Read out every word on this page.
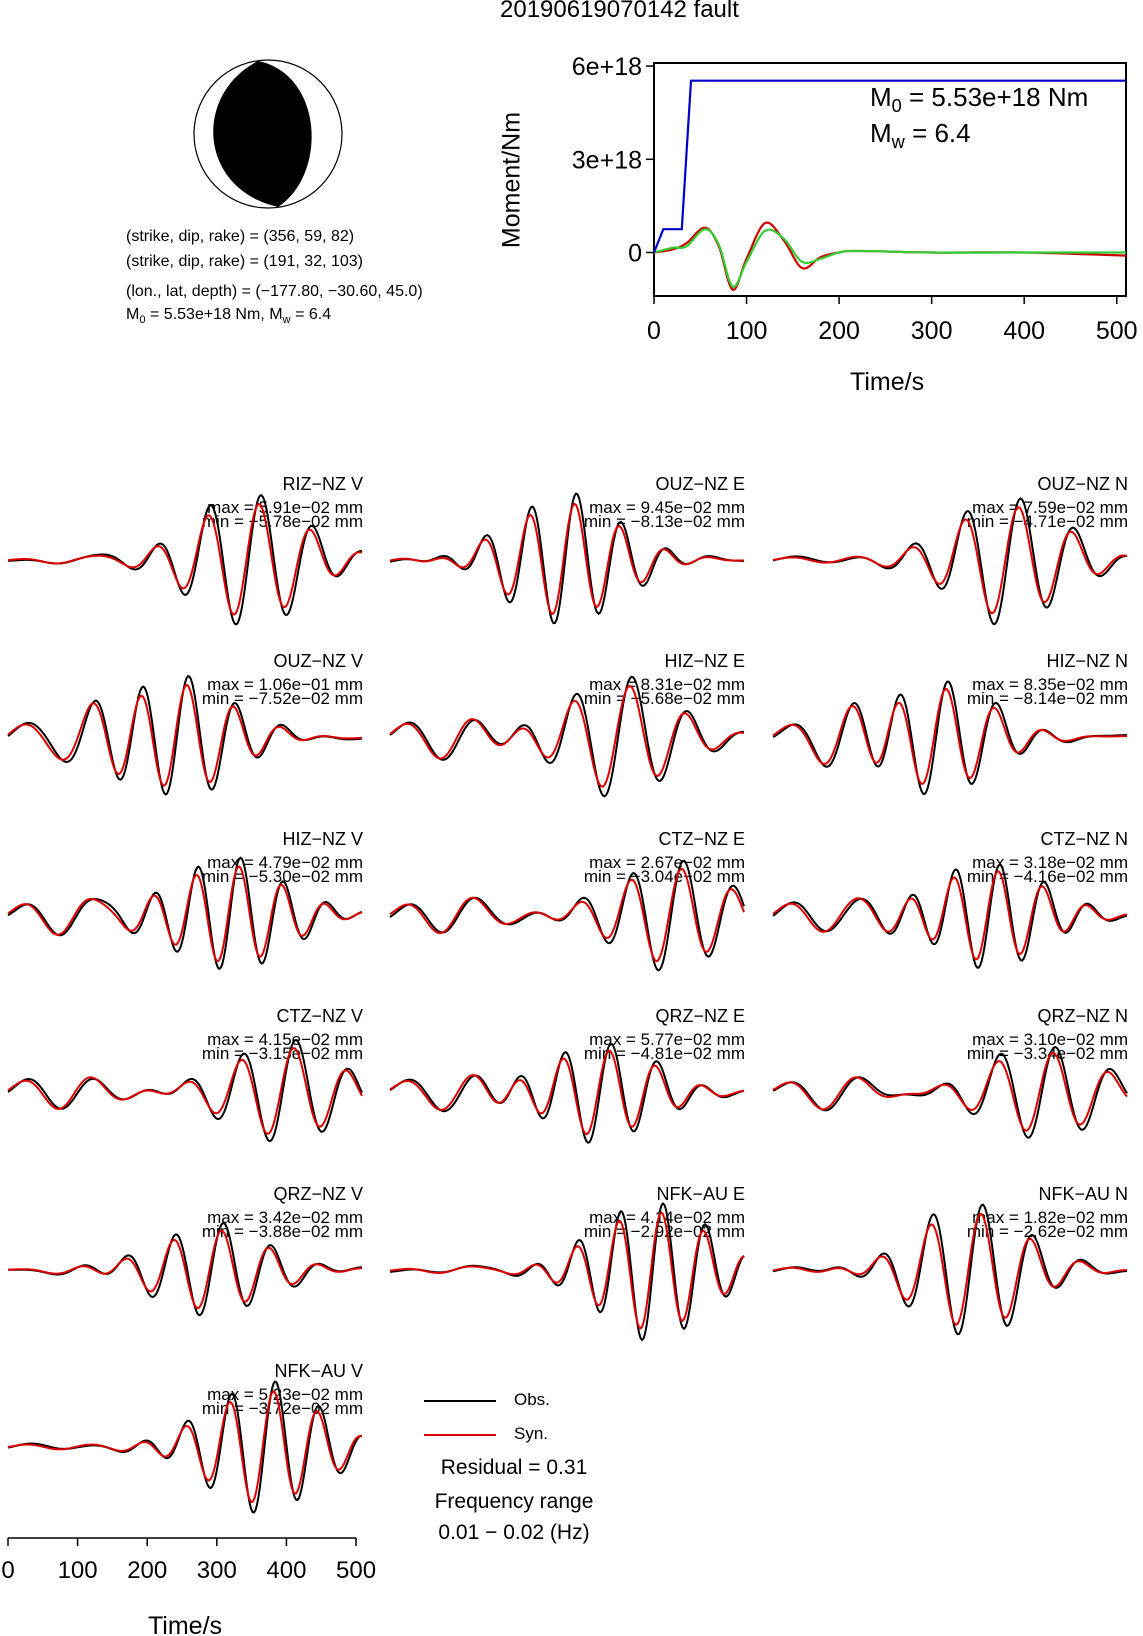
20190619070142 fault
(strike, dip, rake) = (356, 59, 82)
(strike, dip, rake) = (191, 32, 103)
(lon., lat, depth) = (−177.80, −30.60, 45.0)
$M_0 = 5.53e+18$ Nm, $M_w = 6.4$
Moment/Nm
Time/s
$M_0 = 5.53e+18$ Nm
$M_w = 6.4$
Obs.
Syn.
Residual = 0.31
Frequency range
0.01 − 0.02 (Hz)
6e+18
3e+18
0
0	100 200 300 400 500
RIZ−NZ V
max = 5.91e−02 mm
min = −5.78e−02 mm
OUZ−NZ E
max = 9.45e−02 mm
min = −8.13e−02 mm
OUZ−NZ N
max = 7.59e−02 mm
min = −4.71e−02 mm
OUZ−NZ V
max = 1.06e−01 mm
min = −7.52e−02 mm
HIZ−NZ E
max = 8.31e−02 mm
min = −5.68e−02 mm
HIZ−NZ N
max = 8.35e−02 mm
min = −8.14e−02 mm
HIZ−NZ V
max = 4.79e−02 mm
min = −5.30e−02 mm
CTZ−NZ E
max = 2.67e−02 mm
min = −3.04e−02 mm
CTZ−NZ N
max = 3.18e−02 mm
min = −4.16e−02 mm
CTZ−NZ V
max = 4.15e−02 mm
min = −3.15e−02 mm
QRZ−NZ E
max = 5.77e−02 mm
min = −4.81e−02 mm
QRZ−NZ N
max = 3.10e−02 mm
min = −3.34e−02 mm
QRZ−NZ V
max = 3.42e−02 mm
min = −3.88e−02 mm
NFK−AU E
max = 4.14e−02 mm
min = −2.92e−02 mm
NFK−AU N
max = 1.82e−02 mm
min = −2.62e−02 mm
NFK−AU V
max = 5.23e−02 mm
min = −3.72e−02 mm
0 100 200 300 400 500
Time/s
